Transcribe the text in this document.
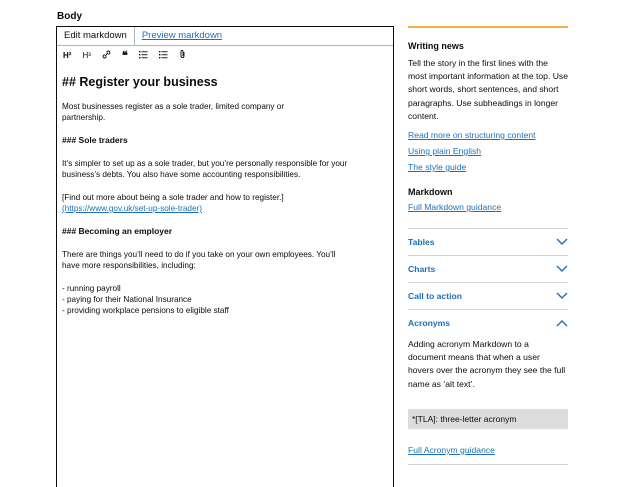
Body
Edit markdown	Preview markdown
H² H³	❝
## Register your business

Most businesses register as a sole trader, limited company or partnership.

### Sole traders

It’s simpler to set up as a sole trader, but you’re personally responsible for your business’s debts. You also have some accounting responsibilities.

[Find out more about being a sole trader and how to register.](https://www.gov.uk/set-up-sole-trader)

### Becoming an employer

There are things you’ll need to do if you take on your own employees. You’ll have more responsibilities, including:

- running payroll
- paying for their National Insurance
- providing workplace pensions to eligible staff
Writing news

Tell the story in the first lines with the most important information at the top. Use short words, short sentences, and short paragraphs. Use subheadings in longer content.

Read more on structuring content
Using plain English
The style guide
Markdown
Full Markdown guidance
Tables
Charts
Call to action
Acronyms

Adding acronym Markdown to a document means that when a user hovers over the acronym they see the full name as ‘alt text’.

*[TLA]: three-letter acronym
Full Acronym guidance
